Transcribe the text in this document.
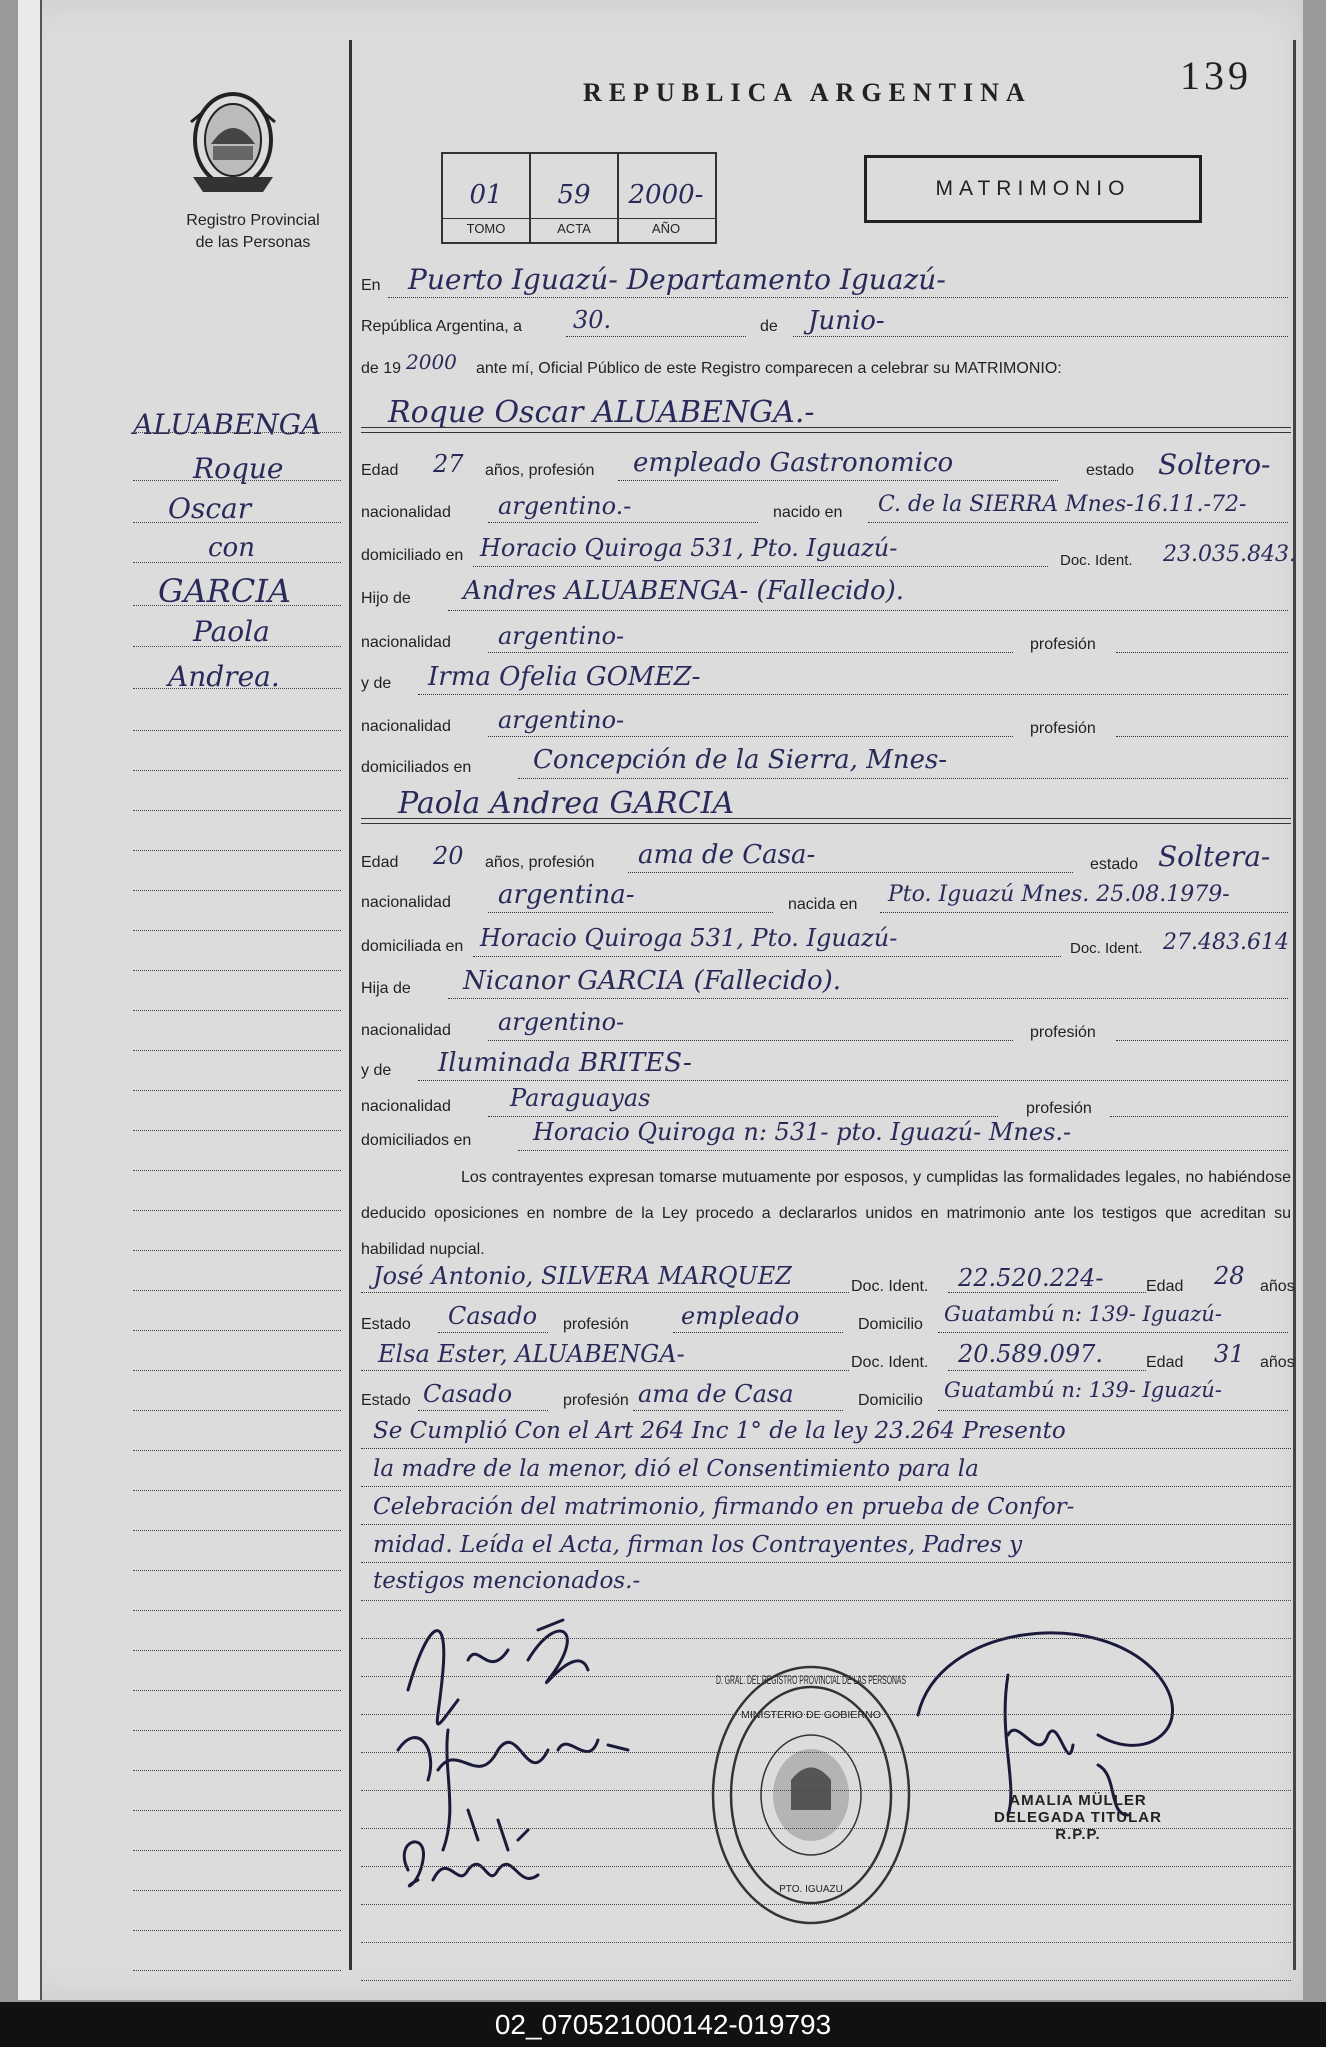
Registro Provincial
de las Personas
REPUBLICA ARGENTINA	139
01	59	2000-
TOMO	ACTA	AÑO
MATRIMONIO
ALUABENGA
Roque
Oscar
con
GARCIA
Paola
Andrea.
En Puerto Iguazú- Departamento Iguazú-
República Argentina, a 30.	de Junio-
de 19 2000 ante mí, Oficial Público de este Registro comparecen a celebrar su MATRIMONIO:
Roque Oscar ALUABENGA.-
Edad 27 años, profesión empleado Gastronomico	estado Soltero-
nacionalidad argentino.-	nacido en C. de la SIERRA Mnes-16.11.-72-
domiciliado en Horacio Quiroga 531, Pto. Iguazú-	Doc. Ident. 23.035.843.
Hijo de Andres ALUABENGA- (Fallecido).
nacionalidad argentino-	profesión
y de Irma Ofelia GOMEZ-
nacionalidad argentino-	profesión
domiciliados en Concepción de la Sierra, Mnes-
Paola Andrea GARCIA
Edad 20 años, profesión ama de Casa-	estado Soltera-
nacionalidad argentina-	nacida en Pto. Iguazú Mnes. 25.08.1979-
domiciliada en Horacio Quiroga 531, Pto. Iguazú-	Doc. Ident. 27.483.614
Hija de Nicanor GARCIA (Fallecido).
nacionalidad argentino-	profesión
y de Iluminada BRITES-
nacionalidad Paraguayas	profesión
domiciliados en	Horacio Quiroga n: 531- pto. Iguazú- Mnes.-
Los contrayentes expresan tomarse mutuamente por esposos, y cumplidas las formalidades legales, no habiéndose deducido oposiciones en nombre de la Ley procedo a declararlos unidos en matrimonio ante los testigos que acreditan su habilidad nupcial.
José Antonio, SILVERA MARQUEZ	Doc. Ident. 22.520.224-	Edad 28 años
Estado Casado profesión empleado	Domicilio Guatambú n: 139- Iguazú-
Elsa Ester, ALUABENGA-	Doc. Ident. 20.589.097.	Edad 31 años
Estado Casado	profesión ama de Casa	Domicilio Guatambú n: 139- Iguazú-
Se Cumplió Con el Art 264 Inc 1° de la ley 23.264 Presento
la madre de la menor, dió el Consentimiento para la
Celebración del matrimonio, firmando en prueba de Confor-
midad. Leída el Acta, firman los Contrayentes, Padres y
testigos mencionados.-
D. GRAL. DEL REGISTRO PROVINCIAL DE LAS PERSONAS
MINISTERIO DE GOBIERNO
PTO. IGUAZU
AMALIA MÜLLER
DELEGADA TITULAR
R.P.P.
02_070521000142-019793
